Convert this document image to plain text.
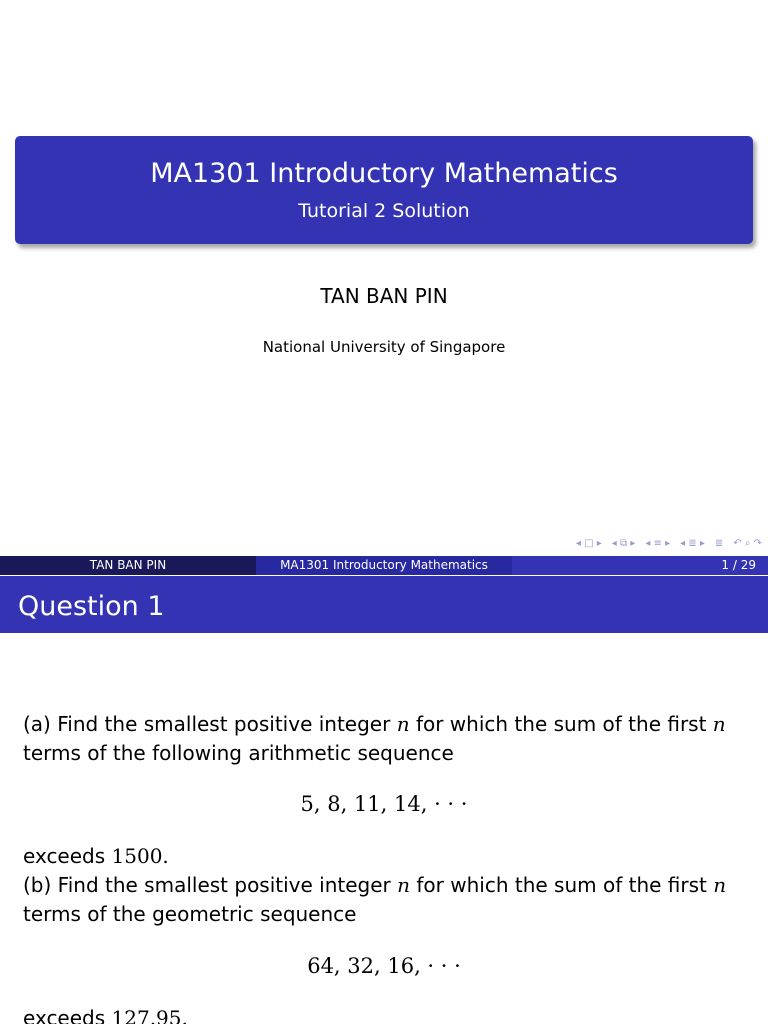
MA1301 Introductory Mathematics
Tutorial 2 Solution
TAN BAN PIN
National University of Singapore
◂ □ ▸ ◂ ⧉ ▸ ◂ ≡ ▸ ◂ ≣ ▸ ≣ ↶ ⌕ ↷
TAN BAN PIN	MA1301 Introductory Mathematics	1 / 29
Question 1
(a) Find the smallest positive integer n for which the sum of the first n
terms of the following arithmetic sequence
5, 8, 11, 14, · · ·
exceeds 1500.
(b) Find the smallest positive integer n for which the sum of the first n
terms of the geometric sequence
64, 32, 16, · · ·
exceeds 127.95.
